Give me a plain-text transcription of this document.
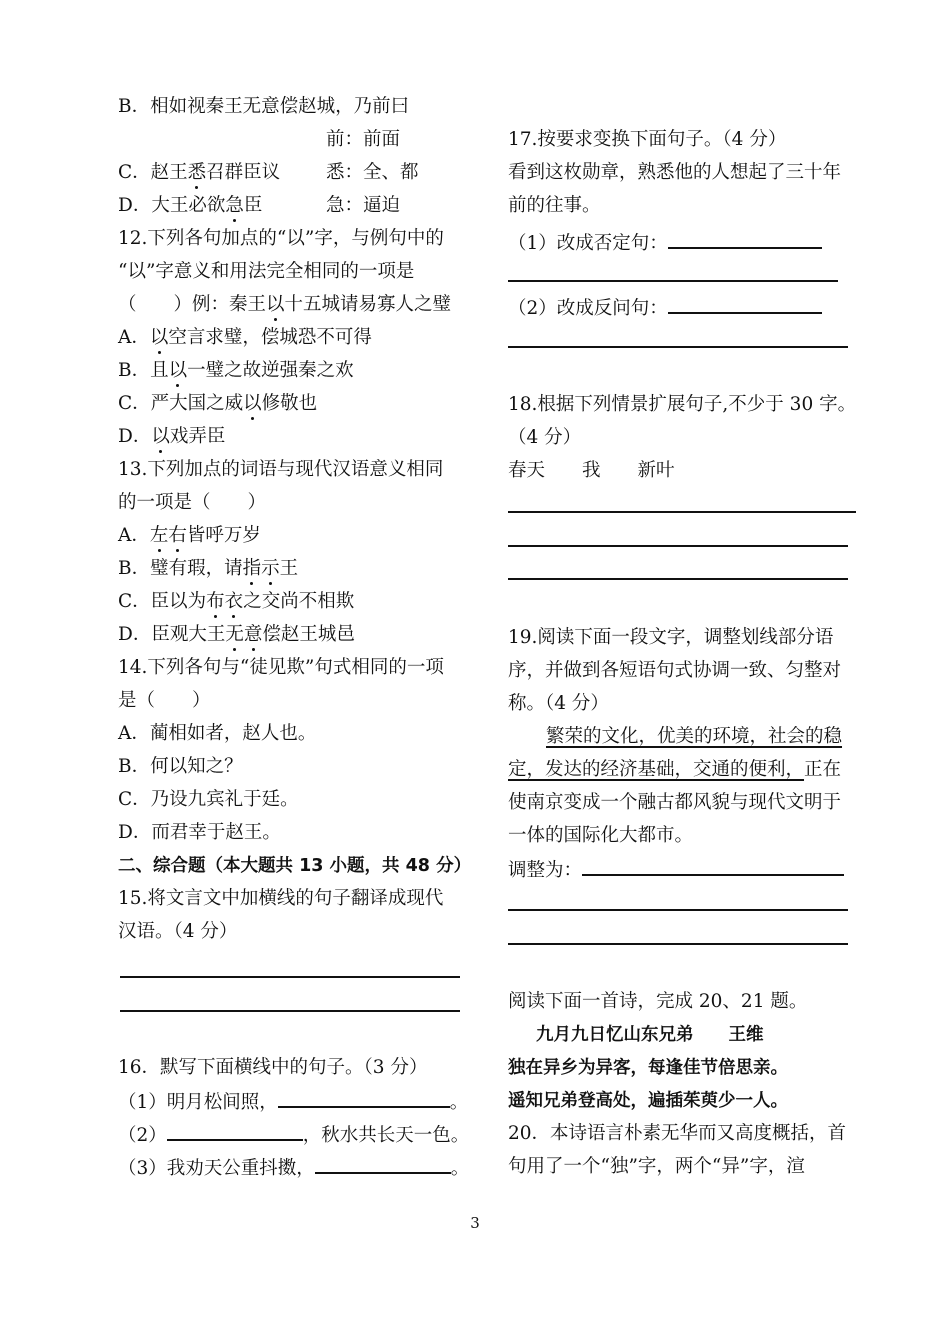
B．相如视秦王无意偿赵城，乃前曰
前：前面
C．赵王悉召群臣议 悉：全、都
D．大王必欲急臣	急：逼迫
12.下列各句加点的“以”字，与例句中的
“以”字意义和用法完全相同的一项是
（　　）例：秦王以十五城请易寡人之璧
A．以空言求璧，偿城恐不可得
B．且以一璧之故逆强秦之欢
C．严大国之威以修敬也
D．以戏弄臣
13.下列加点的词语与现代汉语意义相同
的一项是（　　）
A．左右皆呼万岁
B．璧有瑕，请指示王
C．臣以为布衣之交尚不相欺
D．臣观大王无意偿赵王城邑
14.下列各句与“徒见欺”句式相同的一项
是（　　）
A．蔺相如者，赵人也。
B．何以知之？
C．乃设九宾礼于廷。
D．而君幸于赵王。
二、综合题（本大题共 13 小题，共 48 分）
15.将文言文中加横线的句子翻译成现代
汉语。（4 分）
16．默写下面横线中的句子。（3 分）
（1）明月松间照，	。
（2）	，秋水共长天一色。
（3）我劝天公重抖擞，	。
17.按要求变换下面句子。（4 分）
看到这枚勋章，熟悉他的人想起了三十年
前的往事。
（1）改成否定句：
（2）改成反问句：
18.根据下列情景扩展句子,不少于 30 字。
（4 分）
春天　　我　　新叶
19.阅读下面一段文字，调整划线部分语
序，并做到各短语句式协调一致、匀整对
称。（4 分）
繁荣的文化，优美的环境，社会的稳
定，发达的经济基础，交通的便利，正在
使南京变成一个融古都风貌与现代文明于
一体的国际化大都市。
调整为：
阅读下面一首诗，完成 20、21 题。
九月九日忆山东兄弟　　王维
独在异乡为异客，每逢佳节倍思亲。
遥知兄弟登高处，遍插茱萸少一人。
20．本诗语言朴素无华而又高度概括，首
句用了一个“独”字，两个“异”字，渲
3
